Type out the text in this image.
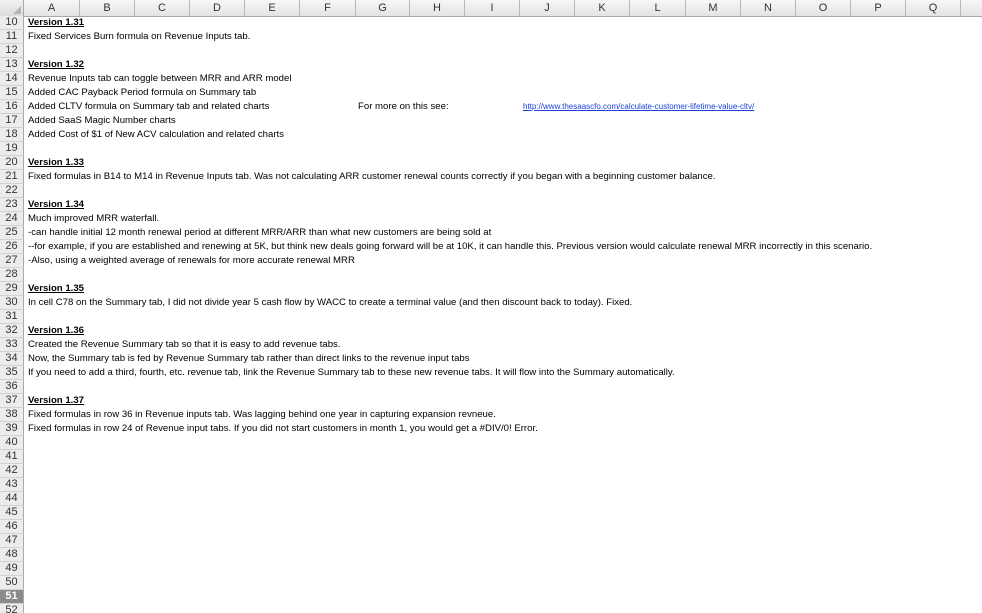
A	B	C	D	E	F	G	H	I	J	K	L	M	N	O	P	Q
10	Version 1.31
11	Fixed Services Burn formula on Revenue Inputs tab.
12
13	Version 1.32
14	Revenue Inputs tab can toggle between MRR and ARR model
15	Added CAC Payback Period formula on Summary tab
16	Added CLTV formula on Summary tab and related charts	For more on this see:	http://www.thesaascfo.com/calculate-customer-lifetime-value-cltv/
17	Added SaaS Magic Number charts
18	Added Cost of $1 of New ACV calculation and related charts
19
20	Version 1.33
21	Fixed formulas in B14 to M14 in Revenue Inputs tab. Was not calculating ARR customer renewal counts correctly if you began with a beginning customer balance.
22
23	Version 1.34
24	Much improved MRR waterfall.
25	-can handle initial 12 month renewal period at different MRR/ARR than what new customers are being sold at
26	--for example, if you are established and renewing at 5K, but think new deals going forward will be at 10K, it can handle this. Previous version would calculate renewal MRR incorrectly in this scenario.
27	-Also, using a weighted average of renewals for more accurate renewal MRR
28
29	Version 1.35
30	In cell C78 on the Summary tab, I did not divide year 5 cash flow by WACC to create a terminal value (and then discount back to today). Fixed.
31
32	Version 1.36
33	Created the Revenue Summary tab so that it is easy to add revenue tabs.
34	Now, the Summary tab is fed by Revenue Summary tab rather than direct links to the revenue input tabs
35	If you need to add a third, fourth, etc. revenue tab, link the Revenue Summary tab to these new revenue tabs. It will flow into the Summary automatically.
36
37	Version 1.37
38	Fixed formulas in row 36 in Revenue inputs tab. Was lagging behind one year in capturing expansion revneue.
39	Fixed formulas in row 24 of Revenue input tabs. If you did not start customers in month 1, you would get a #DIV/0! Error.
40
41
42
43
44
45
46
47
48
49
50
51
52
